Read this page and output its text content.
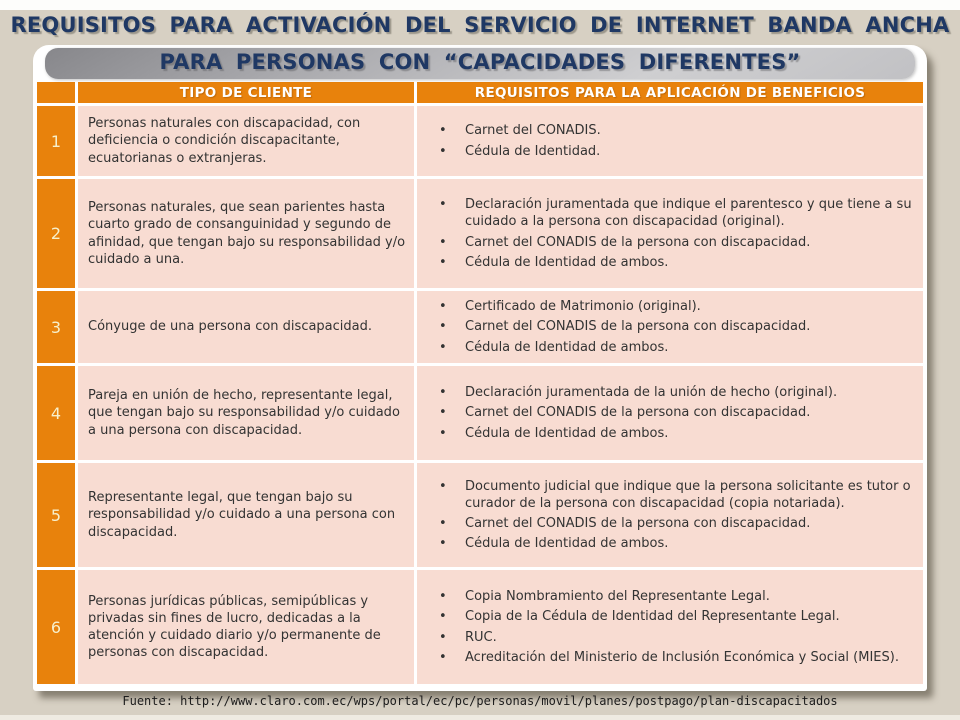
REQUISITOS PARA ACTIVACIÓN DEL SERVICIO DE INTERNET BANDA ANCHA
PARA PERSONAS CON “CAPACIDADES DIFERENTES”
	TIPO DE CLIENTE	REQUISITOS PARA LA APLICACIÓN DE BENEFICIOS
1	Personas naturales con discapacidad, con deficiencia o condición discapacitante, ecuatorianas o extranjeras.	• Carnet del CONADIS.
• Cédula de Identidad.

2	Personas naturales, que sean parientes hasta cuarto grado de consanguinidad y segundo de afinidad, que tengan bajo su responsabilidad y/o cuidado a una.	
•	Declaración juramentada que indique el parentesco y que tiene a su cuidado a la persona con discapacidad (original).
•	Carnet del CONADIS de la persona con discapacidad.
•	Cédula de Identidad de ambos.

3	Cónyuge de una persona con discapacidad.	
•	Certificado de Matrimonio (original).
•	Carnet del CONADIS de la persona con discapacidad.
•	Cédula de Identidad de ambos.

4	Pareja en unión de hecho, representante legal, que tengan bajo su responsabilidad y/o cuidado a una persona con discapacidad.	
•	Declaración juramentada de la unión de hecho (original).
•	Carnet del CONADIS de la persona con discapacidad.
•	Cédula de Identidad de ambos.

5	Representante legal, que tengan bajo su responsabilidad y/o cuidado a una persona con discapacidad.	
•	Documento judicial que indique que la persona solicitante es tutor o curador de la persona con discapacidad (copia notariada).
•	Carnet del CONADIS de la persona con discapacidad.
•	Cédula de Identidad de ambos.

6	Personas jurídicas públicas, semipúblicas y privadas sin fines de lucro, dedicadas a la atención y cuidado diario y/o permanente de personas con discapacidad.	
•	Copia Nombramiento del Representante Legal.
•	Copia de la Cédula de Identidad del Representante Legal.
•	RUC.
•	Acreditación del Ministerio de Inclusión Económica y Social (MIES).
Fuente: http://www.claro.com.ec/wps/portal/ec/pc/personas/movil/planes/postpago/plan-discapacitados
